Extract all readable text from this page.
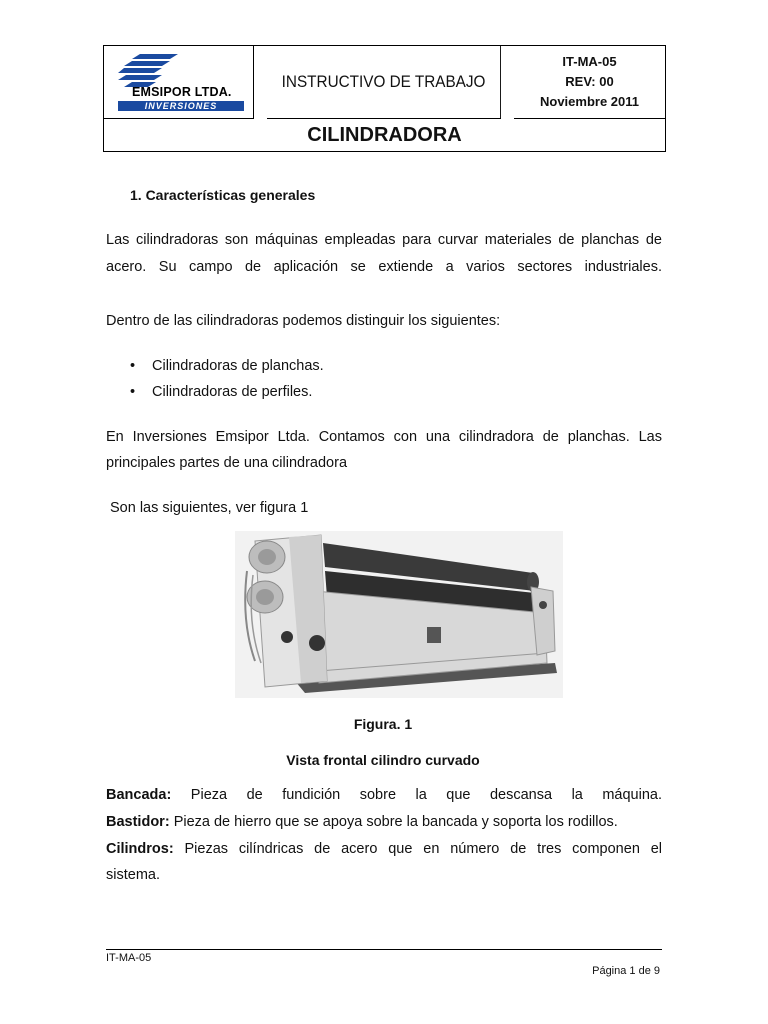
EMSIPOR LTDA.
INVERSIONES
INSTRUCTIVO DE TRABAJO
IT-MA-05
REV: 00
Noviembre 2011
CILINDRADORA
1. Características generales
Las cilindradoras son máquinas empleadas para curvar materiales de planchas de
acero. Su campo de aplicación se extiende a varios sectores industriales.
Dentro de las cilindradoras podemos distinguir los siguientes:
• Cilindradoras de planchas.
• Cilindradoras de perfiles.
En Inversiones Emsipor Ltda. Contamos con una cilindradora de planchas. Las
principales partes de una cilindradora
Son las siguientes, ver figura 1
Figura. 1
Vista frontal cilindro curvado
Bancada: Pieza de fundición sobre la que descansa la máquina.
Bastidor: Pieza de hierro que se apoya sobre la bancada y soporta los rodillos.
Cilindros: Piezas cilíndricas de acero que en número de tres componen el
sistema.
IT-MA-05
Página 1 de 9
